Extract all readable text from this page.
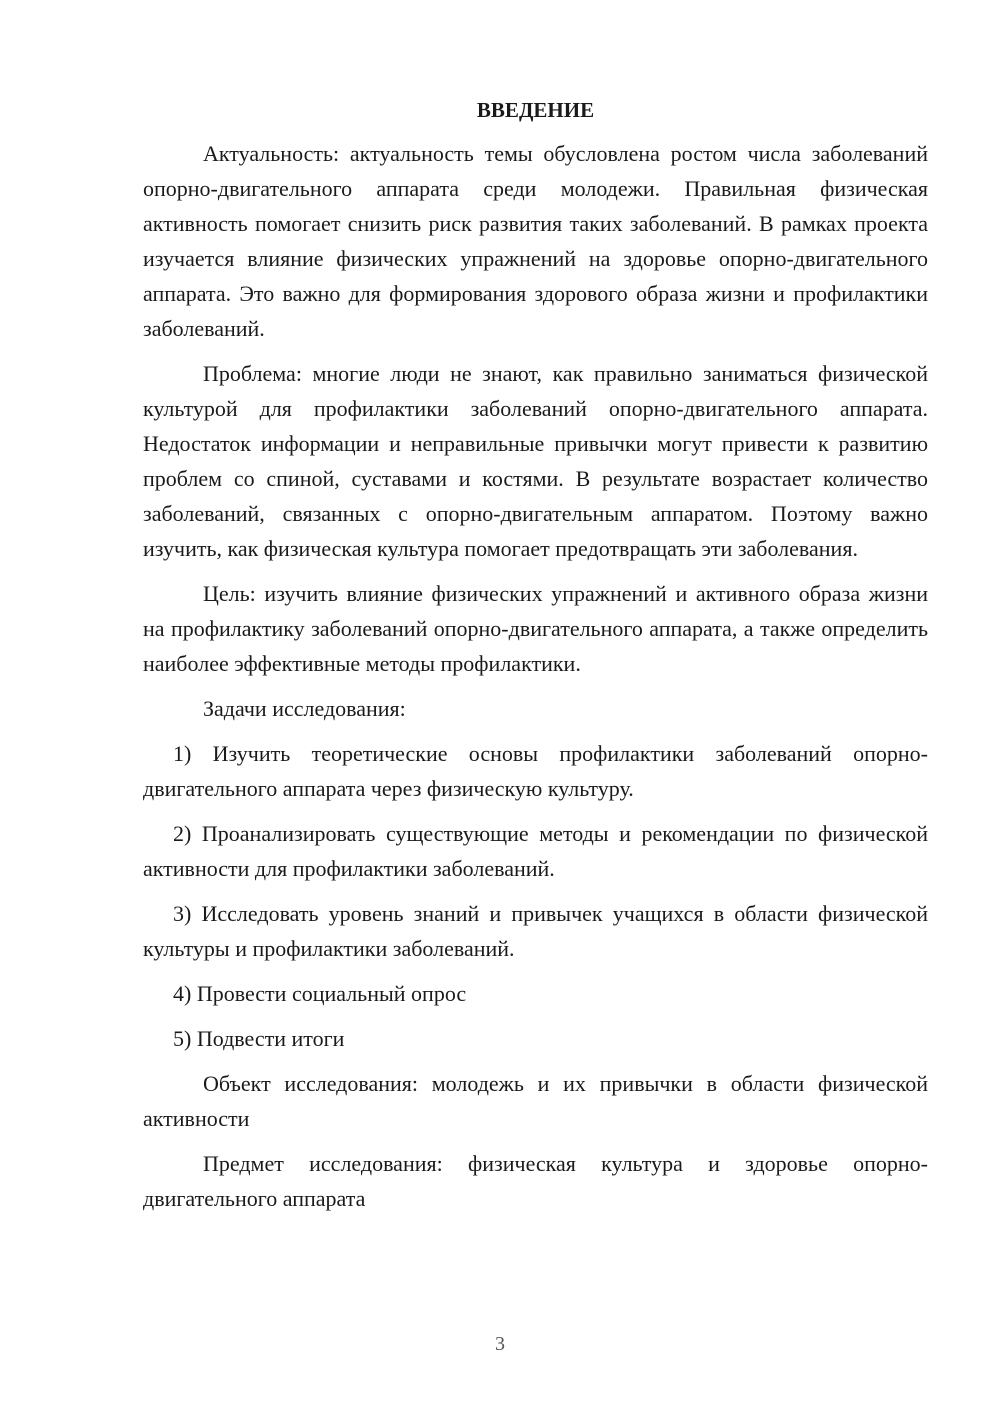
ВВЕДЕНИЕ

Актуальность: актуальность темы обусловлена ростом числа заболеваний опорно-двигательного аппарата среди молодежи. Правильная физическая активность помогает снизить риск развития таких заболеваний. В рамках проекта изучается влияние физических упражнений на здоровье опорно-двигательного аппарата. Это важно для формирования здорового образа жизни и профилактики заболеваний.

Проблема: многие люди не знают, как правильно заниматься физической культурой для профилактики заболеваний опорно-двигательного аппарата. Недостаток информации и неправильные привычки могут привести к развитию проблем со спиной, суставами и костями. В результате возрастает количество заболеваний, связанных с опорно-двигательным аппаратом. Поэтому важно изучить, как физическая культура помогает предотвращать эти заболевания.

Цель: изучить влияние физических упражнений и активного образа жизни на профилактику заболеваний опорно-двигательного аппарата, а также определить наиболее эффективные методы профилактики.

Задачи исследования:

1) Изучить теоретические основы профилактики заболеваний опорно-двигательного аппарата через физическую культуру.

2) Проанализировать существующие методы и рекомендации по физической активности для профилактики заболеваний.

3) Исследовать уровень знаний и привычек учащихся в области физической культуры и профилактики заболеваний.

4) Провести социальный опрос

5) Подвести итоги

Объект исследования: молодежь и их привычки в области физической активности

Предмет исследования: физическая культура и здоровье опорно-двигательного аппарата

3
